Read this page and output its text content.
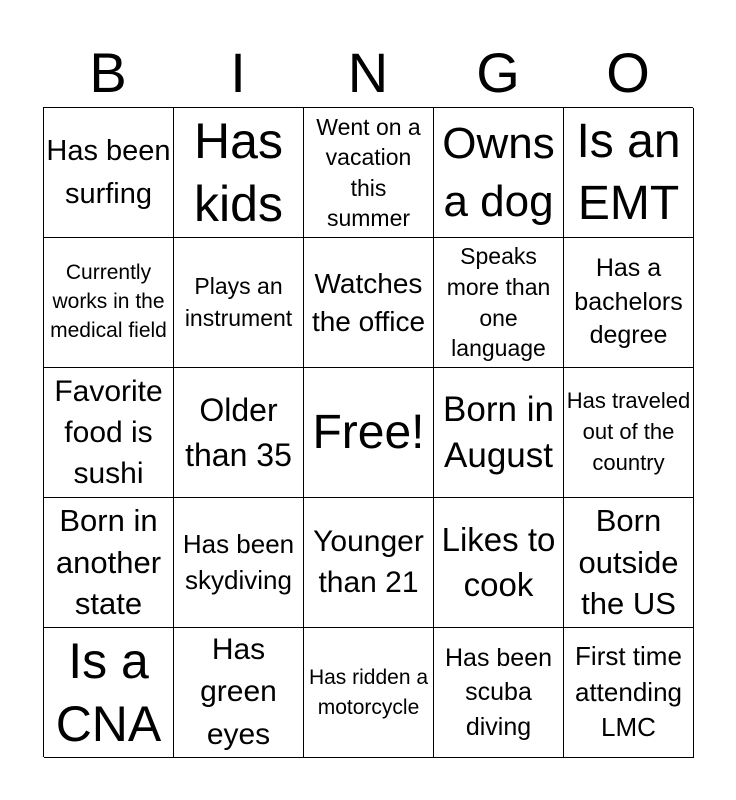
B	I	N	G	O
Has been surfing
Has kids
Went on a vacation this summer
Owns a dog
Is an EMT
Currently works in the medical field
Plays an instrument
Watches the office
Speaks more than one language
Has a bachelors degree
Favorite food is sushi
Older than 35 Free! Born in August
Has traveled out of the country
Born in another state
Has been skydiving
Younger than 21
Likes to cook
Born outside the US
Is a CNA
Has green eyes
Has ridden a motorcycle
Has been scuba diving
First time attending LMC
